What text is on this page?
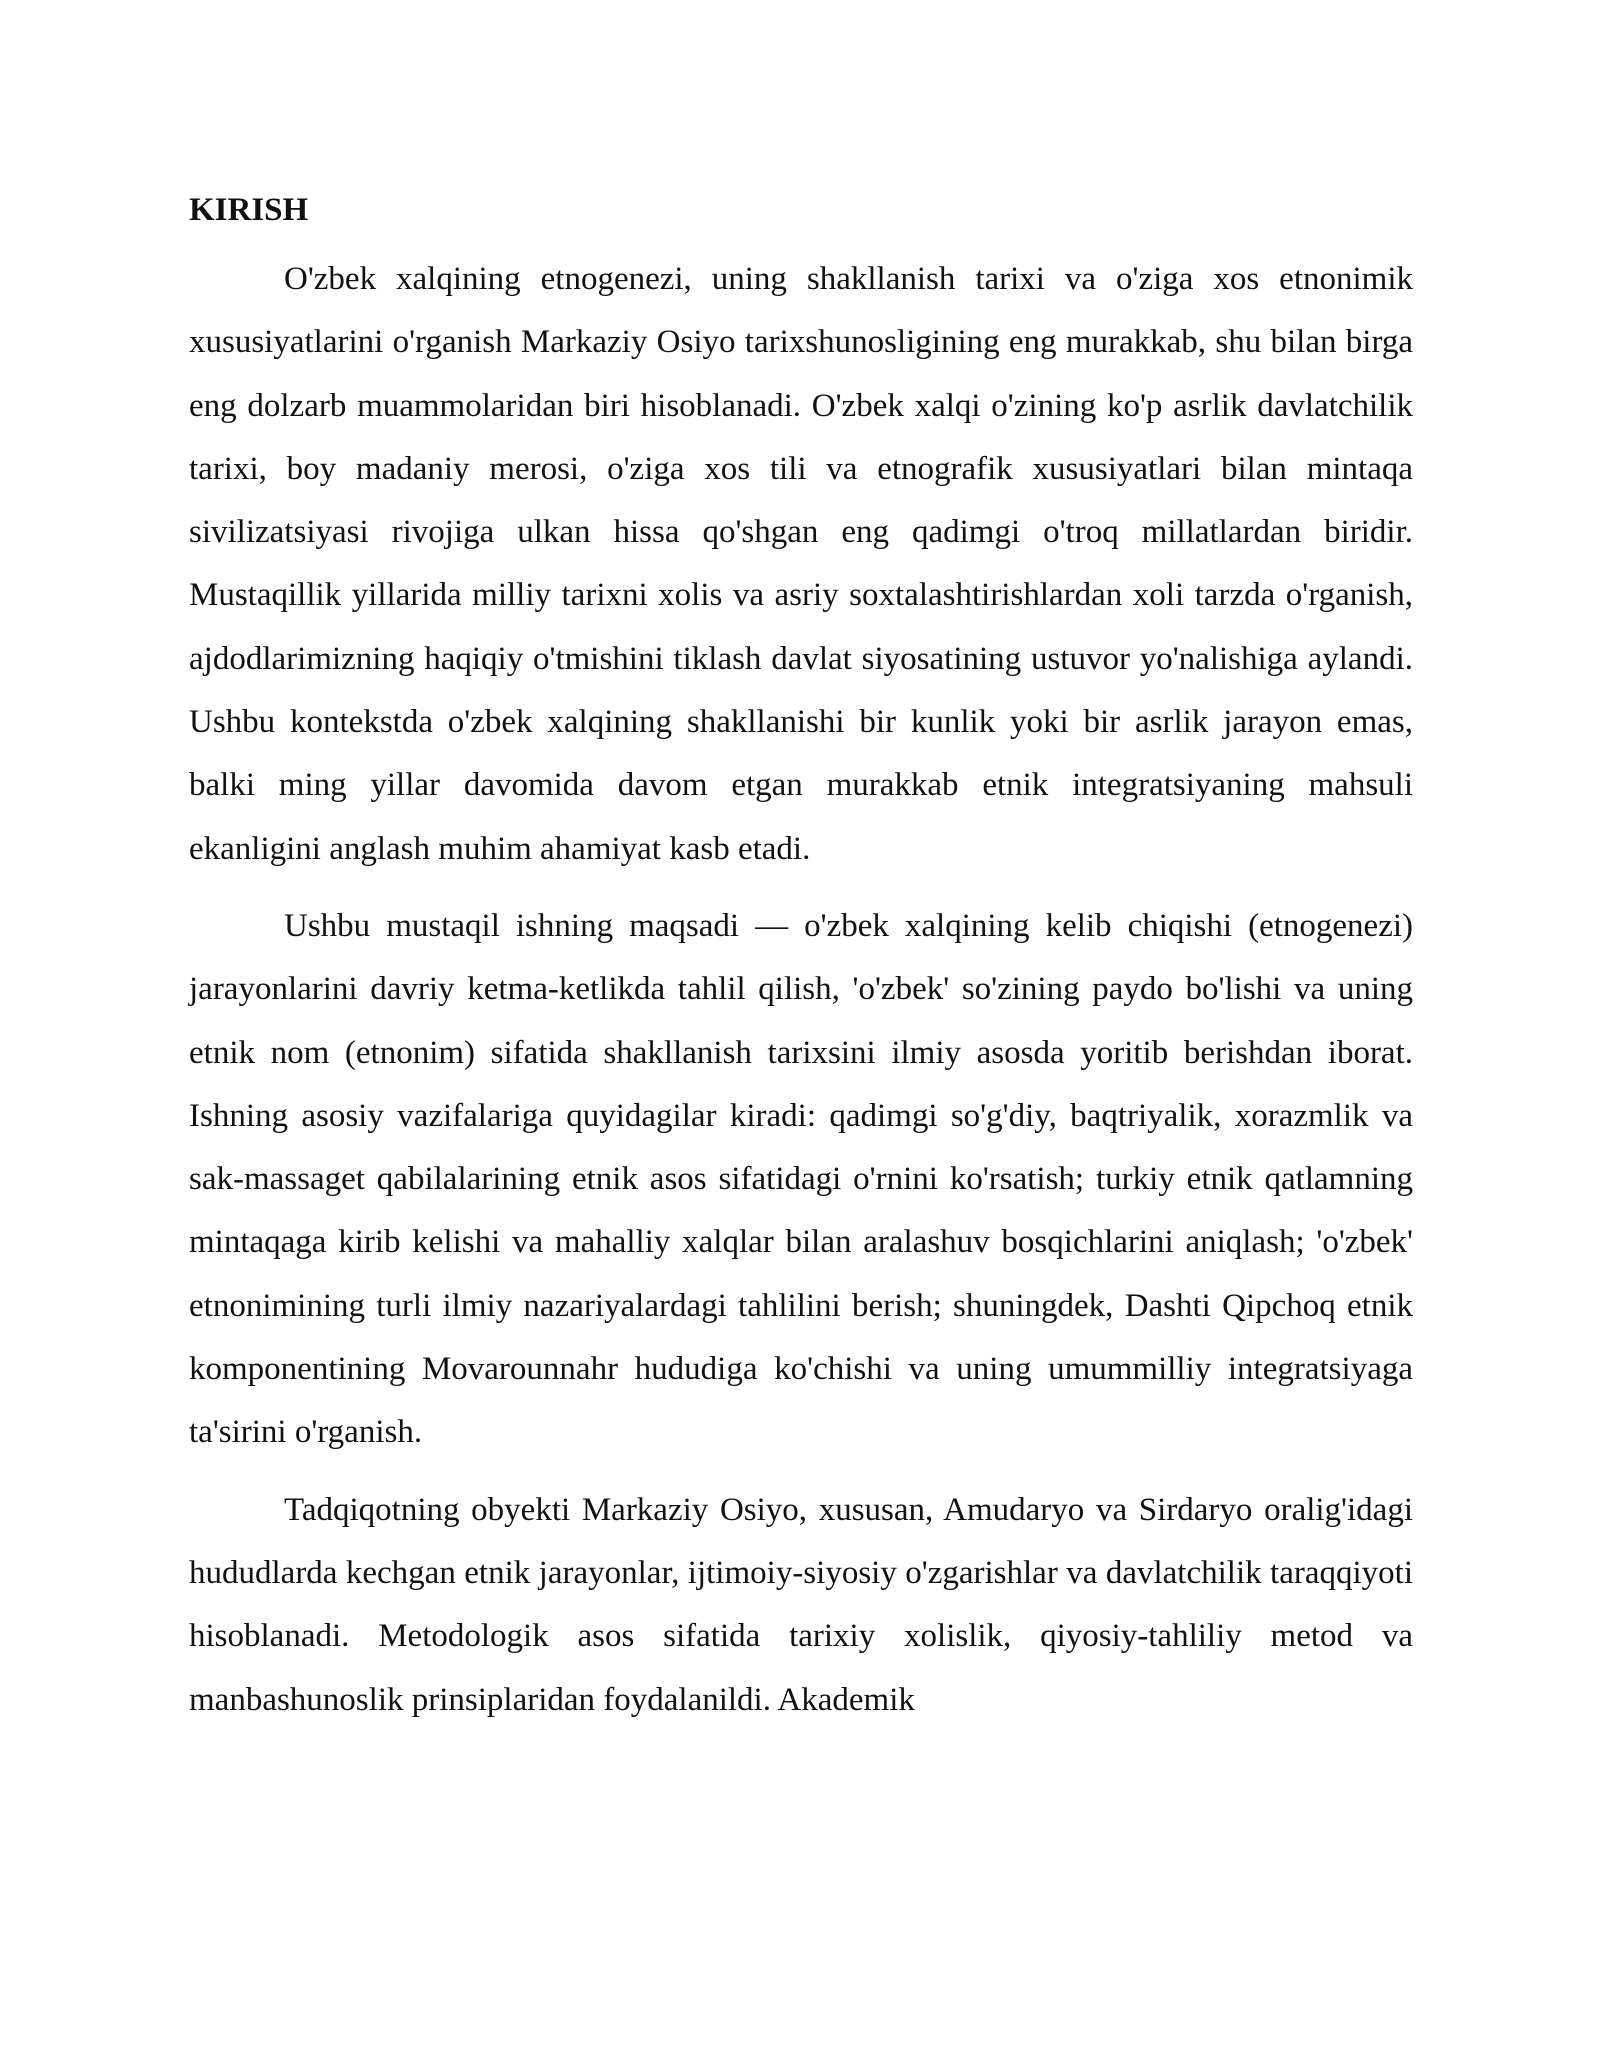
KIRISH

O'zbek xalqining etnogenezi, uning shakllanish tarixi va o'ziga xos etnonimik xususiyatlarini o'rganish Markaziy Osiyo tarixshunosligining eng murakkab, shu bilan birga eng dolzarb muammolaridan biri hisoblanadi. O'zbek xalqi o'zining ko'p asrlik davlatchilik tarixi, boy madaniy merosi, o'ziga xos tili va etnografik xususiyatlari bilan mintaqa sivilizatsiyasi rivojiga ulkan hissa qo'shgan eng qadimgi o'troq millatlardan biridir. Mustaqillik yillarida milliy tarixni xolis va asriy soxtalashtirishlardan xoli tarzda o'rganish, ajdodlarimizning haqiqiy o'tmishini tiklash davlat siyosatining ustuvor yo'nalishiga aylandi. Ushbu kontekstda o'zbek xalqining shakllanishi bir kunlik yoki bir asrlik jarayon emas, balki ming yillar davomida davom etgan murakkab etnik integratsiyaning mahsuli ekanligini anglash muhim ahamiyat kasb etadi.

Ushbu mustaqil ishning maqsadi — o'zbek xalqining kelib chiqishi (etnogenezi) jarayonlarini davriy ketma-ketlikda tahlil qilish, 'o'zbek' so'zining paydo bo'lishi va uning etnik nom (etnonim) sifatida shakllanish tarixsini ilmiy asosda yoritib berishdan iborat. Ishning asosiy vazifalariga quyidagilar kiradi: qadimgi so'g'diy, baqtriyalik, xorazmlik va sak-massaget qabilalarining etnik asos sifatidagi o'rnini ko'rsatish; turkiy etnik qatlamning mintaqaga kirib kelishi va mahalliy xalqlar bilan aralashuv bosqichlarini aniqlash; 'o'zbek' etnonimining turli ilmiy nazariyalardagi tahlilini berish; shuningdek, Dashti Qipchoq etnik komponentining Movarounnahr hududiga ko'chishi va uning umummilliy integratsiyaga ta'sirini o'rganish.

Tadqiqotning obyekti Markaziy Osiyo, xususan, Amudaryo va Sirdaryo oralig'idagi hududlarda kechgan etnik jarayonlar, ijtimoiy-siyosiy o'zgarishlar va davlatchilik taraqqiyoti hisoblanadi. Metodologik asos sifatida tarixiy xolislik, qiyosiy-tahliliy metod va manbashunoslik prinsiplaridan foydalanildi. Akademik
